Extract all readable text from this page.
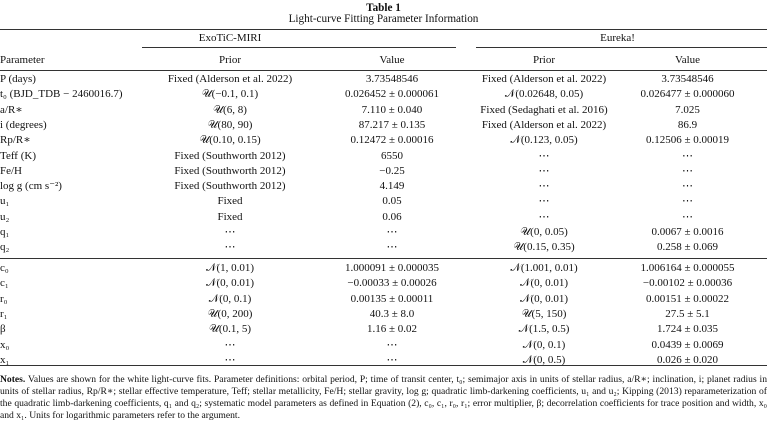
Table 1
Light-curve Fitting Parameter Information
ExoTiC-MIRI	Eureka!
Parameter	Prior	Value	Prior	Value
P (days)	Fixed (Alderson et al. 2022)	3.73548546	Fixed (Alderson et al. 2022)	3.73548546
t₀ (BJD_TDB − 2460016.7)	𝒰(−0.1, 0.1)	0.026452 ± 0.000061	𝒩(0.02648, 0.05)	0.026477 ± 0.000060
a/R∗	𝒰(6, 8)	7.110 ± 0.040	Fixed (Sedaghati et al. 2016)	7.025
i (degrees)	𝒰(80, 90)	87.217 ± 0.135	Fixed (Alderson et al. 2022)	86.9
Rp/R∗	𝒰(0.10, 0.15)	0.12472 ± 0.00016	𝒩(0.123, 0.05)	0.12506 ± 0.00019
Teff (K)	Fixed (Southworth 2012)	6550	⋯	⋯
Fe/H	Fixed (Southworth 2012)	−0.25	⋯	⋯
log g (cm s⁻²)	Fixed (Southworth 2012)	4.149	⋯	⋯
u₁	Fixed	0.05	⋯	⋯
u₂	Fixed	0.06	⋯	⋯
q₁	⋯	⋯	𝒰(0, 0.05)	0.0067 ± 0.0016
q₂	⋯	⋯	𝒰(0.15, 0.35)	0.258 ± 0.069
c₀	𝒩(1, 0.01)	1.000091 ± 0.000035	𝒩(1.001, 0.01)	1.006164 ± 0.000055
c₁	𝒩(0, 0.01)	−0.00033 ± 0.00026	𝒩(0, 0.01)	−0.00102 ± 0.00036
r₀	𝒩(0, 0.1)	0.00135 ± 0.00011	𝒩(0, 0.01)	0.00151 ± 0.00022
r₁	𝒰(0, 200)	40.3 ± 8.0	𝒰(5, 150)	27.5 ± 5.1
β	𝒰(0.1, 5)	1.16 ± 0.02	𝒩(1.5, 0.5)	1.724 ± 0.035
x₀	⋯	⋯	𝒩(0, 0.1)	0.0439 ± 0.0069
x₁	⋯	⋯	𝒩(0, 0.5)	0.026 ± 0.020
Notes. Values are shown for the white light-curve fits. Parameter definitions: orbital period, P; time of transit center, t₀; semimajor axis in units of stellar radius, a/R∗; inclination, i; planet radius in units of stellar radius, Rp/R∗; stellar effective temperature, Teff; stellar metallicity, Fe/H; stellar gravity, log g; quadratic limb-darkening coefficients, u₁ and u₂; Kipping (2013) reparameterization of the quadratic limb-darkening coefficients, q₁ and q₂; systematic model parameters as defined in Equation (2), c₀, c₁, r₀, r₁; error multiplier, β; decorrelation coefficients for trace position and width, x₀ and x₁. Units for logarithmic parameters refer to the argument.
